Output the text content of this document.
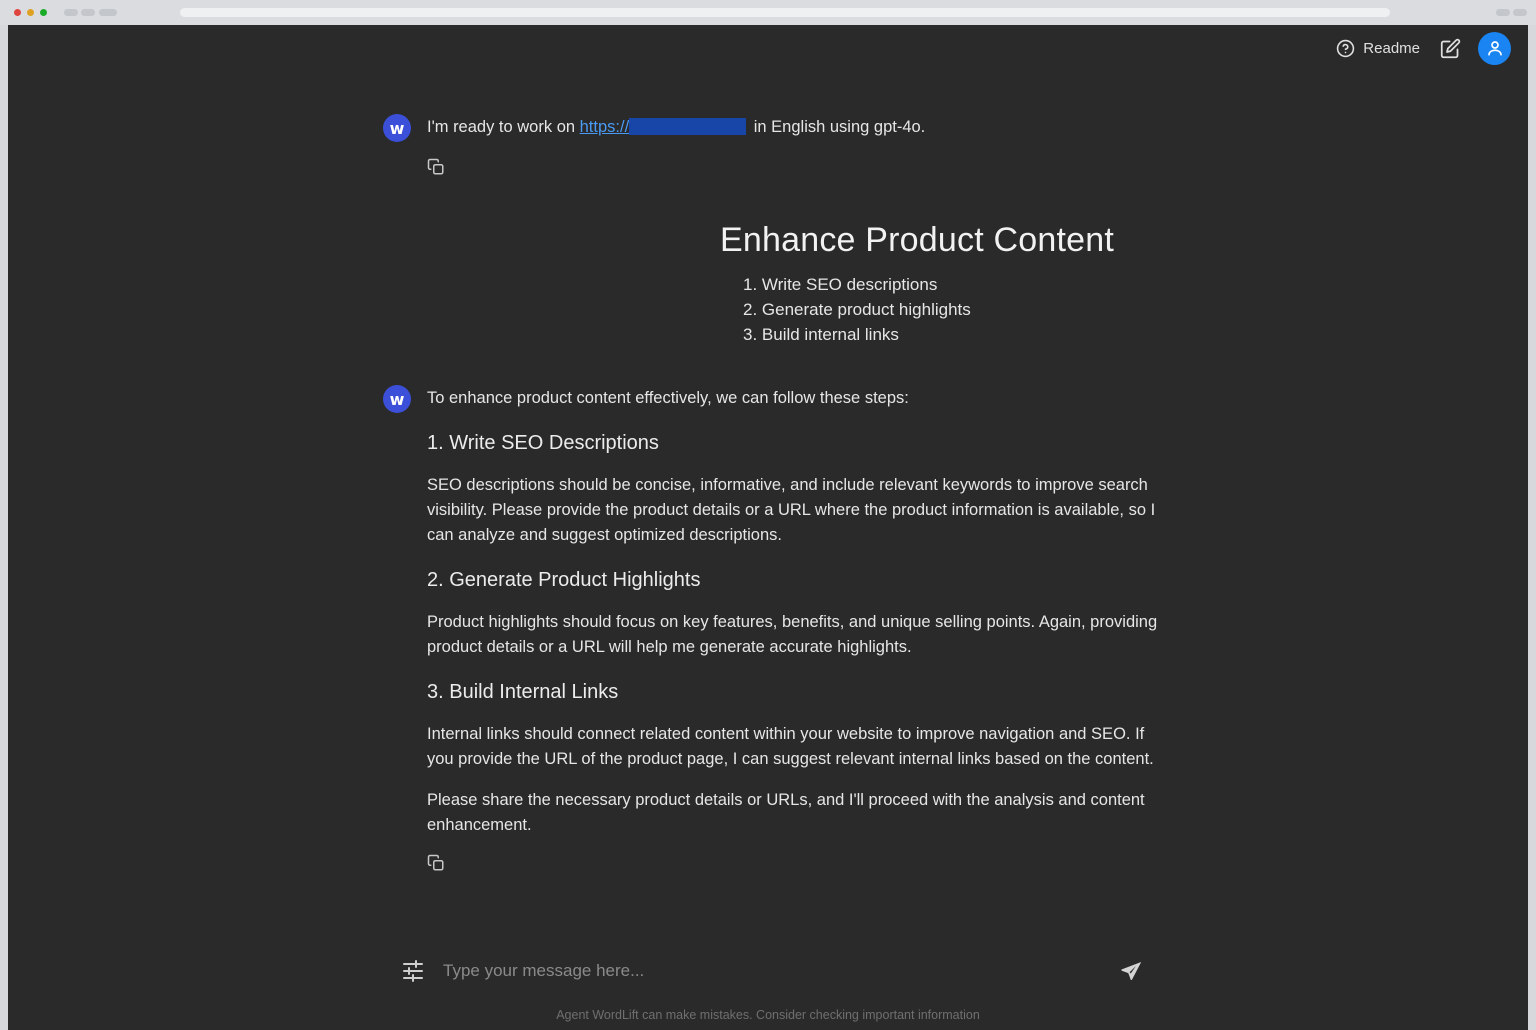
Readme
w	I'm ready to work on https://	in English using gpt-4o.
Enhance Product Content
1. Write SEO descriptions
2. Generate product highlights
3. Build internal links
w	To enhance product content effectively, we can follow these steps:

1. Write SEO Descriptions

SEO descriptions should be concise, informative, and include relevant keywords to improve search visibility. Please provide the product details or a URL where the product information is available, so I can analyze and suggest optimized descriptions.

2. Generate Product Highlights

Product highlights should focus on key features, benefits, and unique selling points. Again, providing product details or a URL will help me generate accurate highlights.

3. Build Internal Links

Internal links should connect related content within your website to improve navigation and SEO. If you provide the URL of the product page, I can suggest relevant internal links based on the content.

Please share the necessary product details or URLs, and I'll proceed with the analysis and content enhancement.

Type your message here...
Agent WordLift can make mistakes. Consider checking important information
